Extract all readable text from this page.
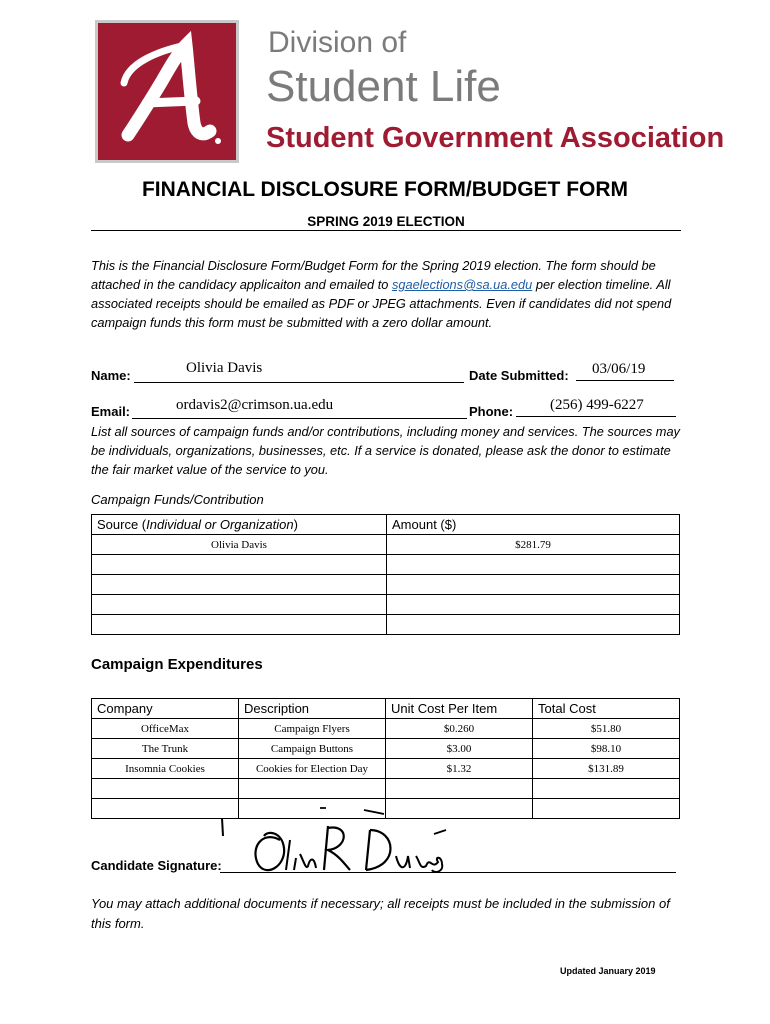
Division of
Student Life
Student Government Association
FINANCIAL DISCLOSURE FORM/BUDGET FORM
SPRING 2019 ELECTION
This is the Financial Disclosure Form/Budget Form for the Spring 2019 election. The form should be attached in the candidacy applicaiton and emailed to sgaelections@sa.ua.edu per election timeline. All associated receipts should be emailed as PDF or JPEG attachments. Even if candidates did not spend campaign funds this form must be submitted with a zero dollar amount.
Name:	Olivia Davis	Date Submitted: 03/06/19
Email:	ordavis2@crimson.ua.edu	Phone: (256) 499-6227
List all sources of campaign funds and/or contributions, including money and services. The sources may be individuals, organizations, businesses, etc. If a service is donated, please ask the donor to estimate the fair market value of the service to you.
Campaign Funds/Contribution
Source (Individual or Organization)	Amount ($)
Olivia Davis	$281.79

Campaign Expenditures
Company	Description	Unit Cost Per Item	Total Cost
OfficeMax	Campaign Flyers	$0.260	$51.80
The Trunk	Campaign Buttons	$3.00	$98.10
Insomnia Cookies	Cookies for Election Day	$1.32	$131.89

Candidate Signature:
You may attach additional documents if necessary; all receipts must be included in the submission of this form.
Updated January 2019
